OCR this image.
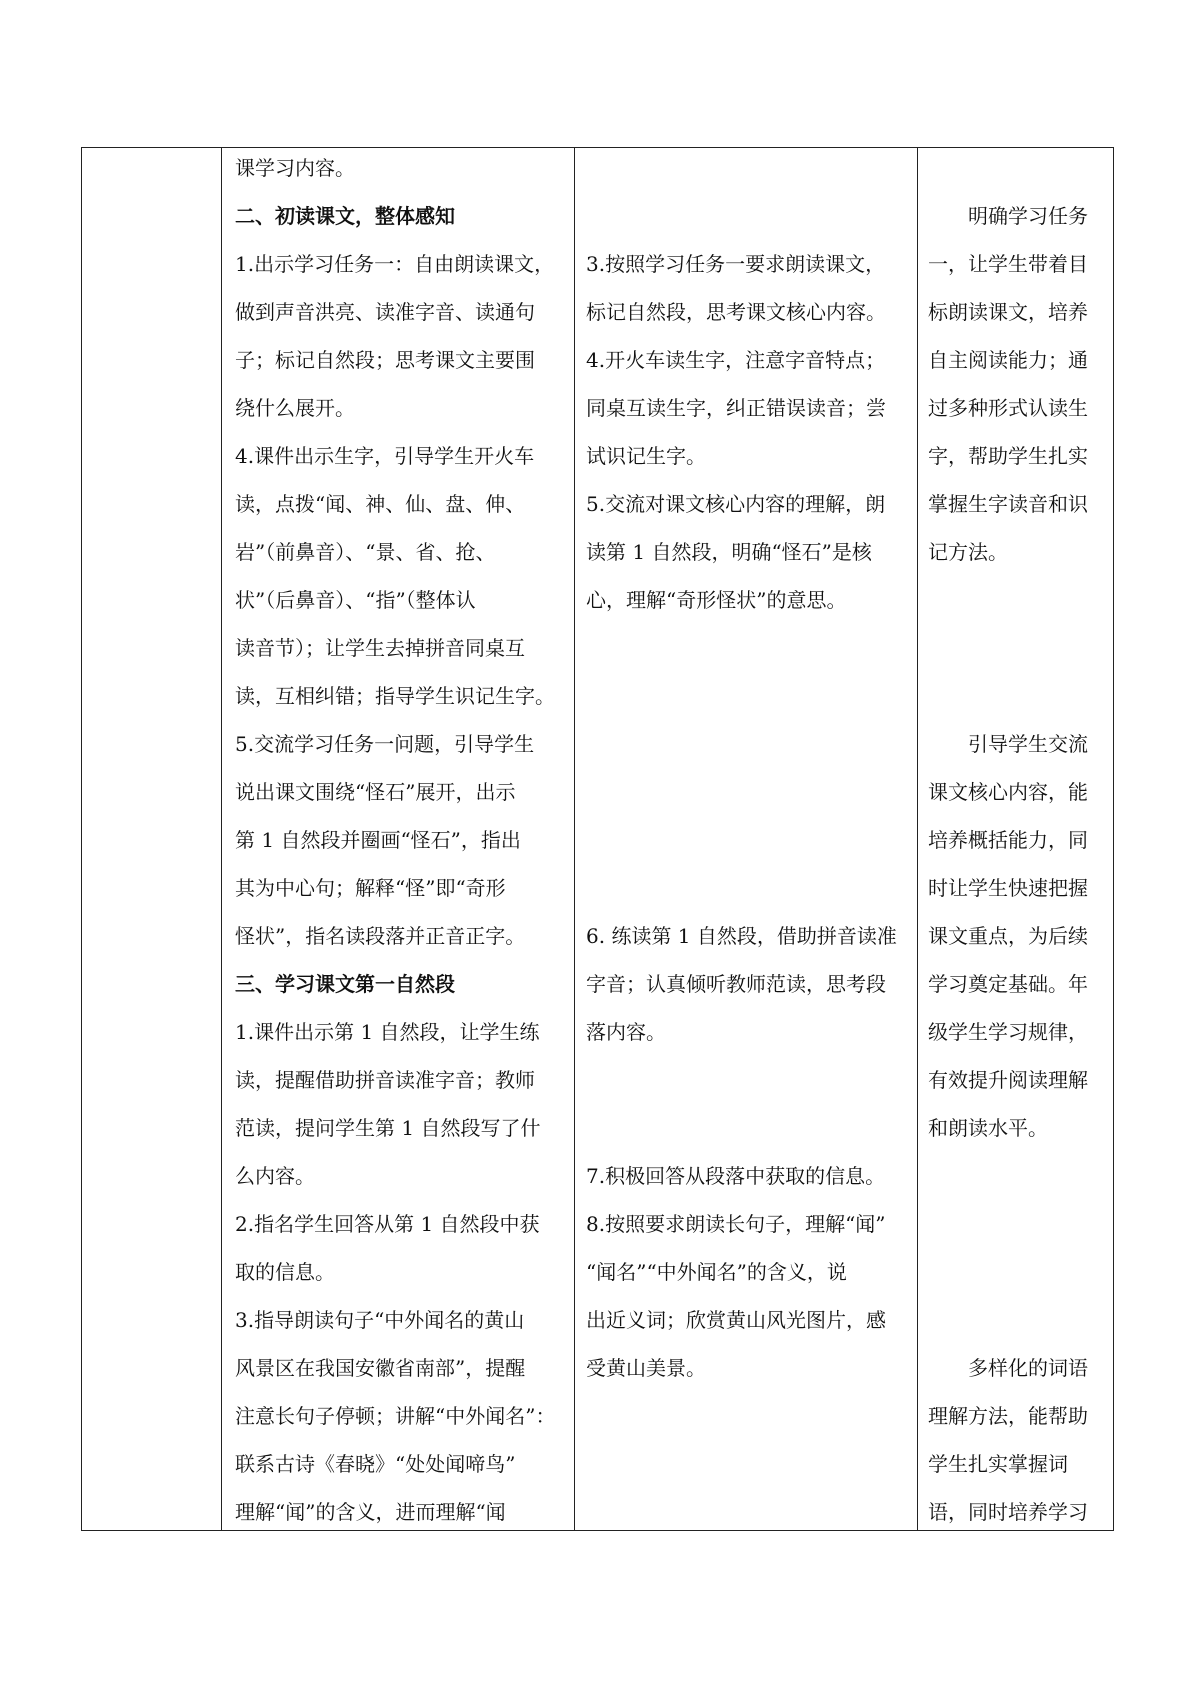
课学习内容。
二、初读课文，整体感知
1.出示学习任务一：自由朗读课文，
做到声音洪亮、读准字音、读通句
子；标记自然段；思考课文主要围
绕什么展开。
4.课件出示生字，引导学生开火车
读，点拨“闻、神、仙、盘、伸、
岩”（前鼻音）、“景、省、抢、
状”（后鼻音）、“指”（整体认
读音节）；让学生去掉拼音同桌互
读，互相纠错；指导学生识记生字。
5.交流学习任务一问题，引导学生
说出课文围绕“怪石”展开，出示
第 1 自然段并圈画“怪石”，指出
其为中心句；解释“怪”即“奇形
怪状”，指名读段落并正音正字。
三、学习课文第一自然段
1.课件出示第 1 自然段，让学生练
读，提醒借助拼音读准字音；教师
范读，提问学生第 1 自然段写了什
么内容。
2.指名学生回答从第 1 自然段中获
取的信息。
3.指导朗读句子“中外闻名的黄山
风景区在我国安徽省南部”，提醒
注意长句子停顿；讲解“中外闻名”：
联系古诗《春晓》“处处闻啼鸟”
理解“闻”的含义，进而理解“闻
3.按照学习任务一要求朗读课文，
标记自然段，思考课文核心内容。
4.开火车读生字，注意字音特点；
同桌互读生字，纠正错误读音；尝
试识记生字。
5.交流对课文核心内容的理解，朗
读第 1 自然段，明确“怪石”是核
心，理解“奇形怪状”的意思。
6. 练读第 1 自然段，借助拼音读准
字音；认真倾听教师范读，思考段
落内容。
7.积极回答从段落中获取的信息。
8.按照要求朗读长句子，理解“闻”
“闻名”“中外闻名”的含义，说
出近义词；欣赏黄山风光图片，感
受黄山美景。
明确学习任务
一，让学生带着目
标朗读课文，培养
自主阅读能力；通
过多种形式认读生
字，帮助学生扎实
掌握生字读音和识
记方法。
引导学生交流
课文核心内容，能
培养概括能力，同
时让学生快速把握
课文重点，为后续
学习奠定基础。年
级学生学习规律，
有效提升阅读理解
和朗读水平。
多样化的词语
理解方法，能帮助
学生扎实掌握词
语，同时培养学习
